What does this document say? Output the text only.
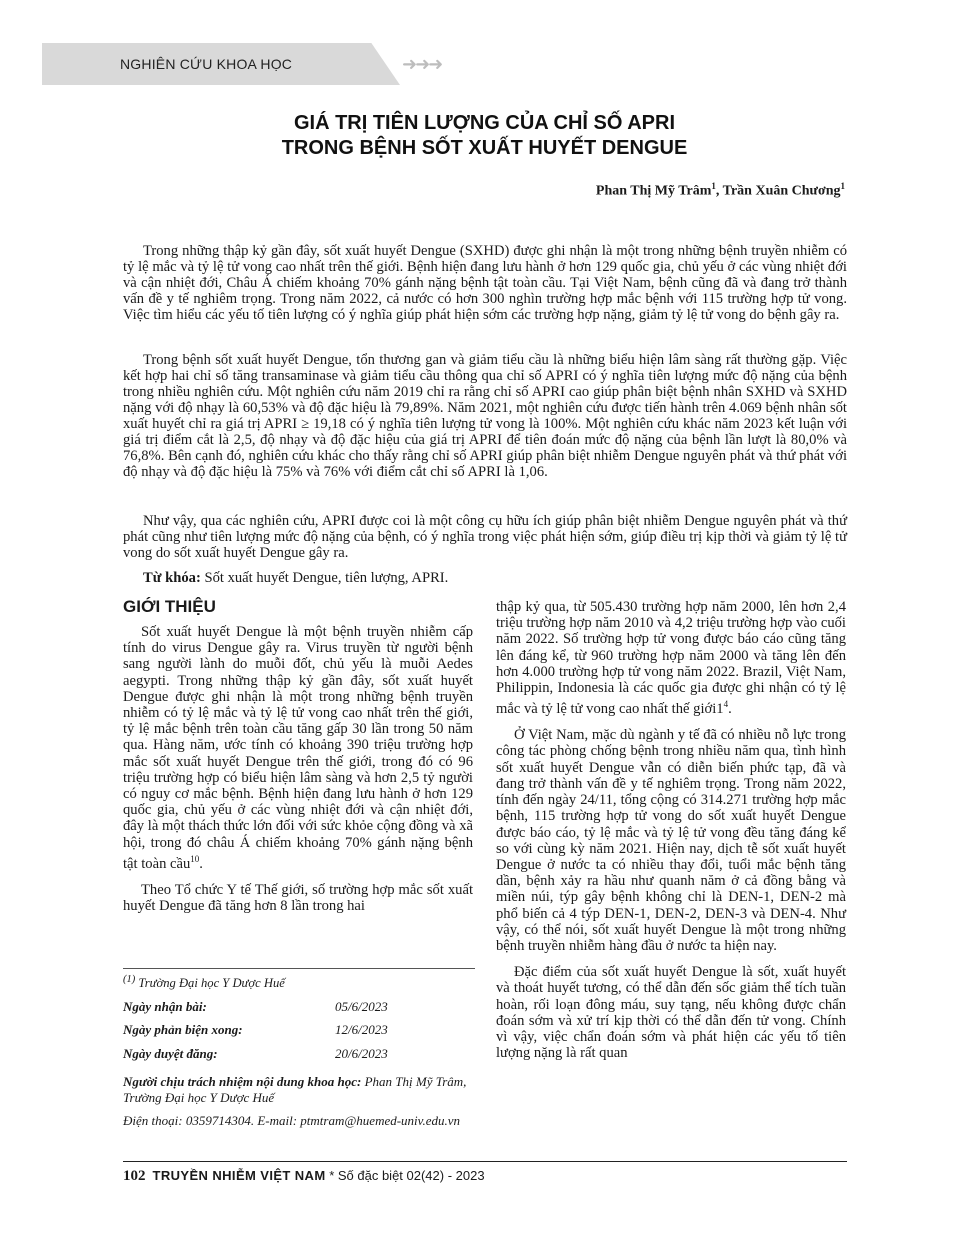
NGHIÊN CỨU KHOA HỌC	➜➜➜
GIÁ TRỊ TIÊN LƯỢNG CỦA CHỈ SỐ APRI
TRONG BỆNH SỐT XUẤT HUYẾT DENGUE
Phan Thị Mỹ Trâm$^1$, Trần Xuân Chương$^1$

Trong những thập kỷ gần đây, sốt xuất huyết Dengue (SXHD) được ghi nhận là một trong những bệnh truyền nhiễm có tỷ lệ mắc và tỷ lệ tử vong cao nhất trên thế giới. Bệnh hiện đang lưu hành ở hơn 129 quốc gia, chủ yếu ở các vùng nhiệt đới và cận nhiệt đới, Châu Á chiếm khoảng 70% gánh nặng bệnh tật toàn cầu. Tại Việt Nam, bệnh cũng đã và đang trở thành vấn đề y tế nghiêm trọng. Trong năm 2022, cả nước có hơn 300 nghìn trường hợp mắc bệnh với 115 trường hợp tử vong. Việc tìm hiểu các yếu tố tiên lượng có ý nghĩa giúp phát hiện sớm các trường hợp nặng, giảm tỷ lệ tử vong do bệnh gây ra.

Trong bệnh sốt xuất huyết Dengue, tổn thương gan và giảm tiểu cầu là những biểu hiện lâm sàng rất thường gặp. Việc kết hợp hai chỉ số tăng transaminase và giảm tiểu cầu thông qua chỉ số APRI có ý nghĩa tiên lượng mức độ nặng của bệnh trong nhiều nghiên cứu. Một nghiên cứu năm 2019 chỉ ra rằng chỉ số APRI cao giúp phân biệt bệnh nhân SXHD và SXHD nặng với độ nhạy là 60,53% và độ đặc hiệu là 79,89%. Năm 2021, một nghiên cứu được tiến hành trên 4.069 bệnh nhân sốt xuất huyết chỉ ra giá trị APRI ≥ 19,18 có ý nghĩa tiên lượng tử vong là 100%. Một nghiên cứu khác năm 2023 kết luận với giá trị điểm cắt là 2,5, độ nhạy và độ đặc hiệu của giá trị APRI để tiên đoán mức độ nặng của bệnh lần lượt là 80,0% và 76,8%. Bên cạnh đó, nghiên cứu khác cho thấy rằng chỉ số APRI giúp phân biệt nhiễm Dengue nguyên phát và thứ phát với độ nhạy và độ đặc hiệu là 75% và 76% với điểm cắt chỉ số APRI là 1,06.

Như vậy, qua các nghiên cứu, APRI được coi là một công cụ hữu ích giúp phân biệt nhiễm Dengue nguyên phát và thứ phát cũng như tiên lượng mức độ nặng của bệnh, có ý nghĩa trong việc phát hiện sớm, giúp điều trị kịp thời và giảm tỷ lệ tử vong do sốt xuất huyết Dengue gây ra.

Từ khóa: Sốt xuất huyết Dengue, tiên lượng, APRI.
GIỚI THIỆU

Sốt xuất huyết Dengue là một bệnh truyền nhiễm cấp tính do virus Dengue gây ra. Virus truyền từ người bệnh sang người lành do muỗi đốt, chủ yếu là muỗi Aedes aegypti. Trong những thập kỷ gần đây, sốt xuất huyết Dengue được ghi nhận là một trong những bệnh truyền nhiễm có tỷ lệ mắc và tỷ lệ tử vong cao nhất trên thế giới, tỷ lệ mắc bệnh trên toàn cầu tăng gấp 30 lần trong 50 năm qua. Hàng năm, ước tính có khoảng 390 triệu trường hợp mắc sốt xuất huyết Dengue trên thế giới, trong đó có 96 triệu trường hợp có biểu hiện lâm sàng và hơn 2,5 tỷ người có nguy cơ mắc bệnh. Bệnh hiện đang lưu hành ở hơn 129 quốc gia, chủ yếu ở các vùng nhiệt đới và cận nhiệt đới, đây là một thách thức lớn đối với sức khỏe cộng đồng và xã hội, trong đó châu Á chiếm khoảng 70% gánh nặng bệnh tật toàn cầu$^{10}$.

Theo Tổ chức Y tế Thế giới, số trường hợp mắc sốt xuất huyết Dengue đã tăng hơn 8 lần trong hai

thập kỷ qua, từ 505.430 trường hợp năm 2000, lên hơn 2,4 triệu trường hợp năm 2010 và 4,2 triệu trường hợp vào cuối năm 2022. Số trường hợp tử vong được báo cáo cũng tăng lên đáng kể, từ 960 trường hợp năm 2000 và tăng lên đến hơn 4.000 trường hợp tử vong năm 2022. Brazil, Việt Nam, Philippin, Indonesia là các quốc gia được ghi nhận có tỷ lệ mắc và tỷ lệ tử vong cao nhất thế $giới1^4$.

Ở Việt Nam, mặc dù ngành y tế đã có nhiều nỗ lực trong công tác phòng chống bệnh trong nhiều năm qua, tình hình sốt xuất huyết Dengue vẫn có diễn biến phức tạp, đã và đang trở thành vấn đề y tế nghiêm trọng. Trong năm 2022, tính đến ngày 24/11, tổng cộng có 314.271 trường hợp mắc bệnh, 115 trường hợp tử vong do sốt xuất huyết Dengue được báo cáo, tỷ lệ mắc và tỷ lệ tử vong đều tăng đáng kể so với cùng kỳ năm 2021. Hiện nay, dịch tễ sốt xuất huyết Dengue ở nước ta có nhiều thay đổi, tuổi mắc bệnh tăng dần, bệnh xảy ra hầu như quanh năm ở cả đồng bằng và miền núi, týp gây bệnh không chỉ là DEN-1, DEN-2 mà phổ biến cả 4 týp DEN-1, DEN-2, DEN-3 và DEN-4. Như vậy, có thể nói, sốt xuất huyết Dengue là một trong những bệnh truyền nhiễm hàng đầu ở nước ta hiện nay.

Đặc điểm của sốt xuất huyết Dengue là sốt, xuất huyết và thoát huyết tương, có thể dẫn đến sốc giảm thể tích tuần hoàn, rối loạn đông máu, suy tạng, nếu không được chẩn đoán sớm và xử trí kịp thời có thể dẫn đến tử vong. Chính vì vậy, việc chẩn đoán sớm và phát hiện các yếu tố tiên lượng nặng là rất quan

$^{(1)}$ Trường Đại học Y Dược Huế
Ngày nhận bài:	05/6/2023
Ngày phản biện xong:	12/6/2023
Ngày duyệt đăng:	20/6/2023
Người chịu trách nhiệm nội dung khoa học: Phan Thị Mỹ Trâm, Trường Đại học Y Dược Huế
Điện thoại: 0359714304. E-mail: ptmtram@huemed-univ.edu.vn
102 TRUYỀN NHIỄM VIỆT NAM * Số đặc biệt 02(42) - 2023
